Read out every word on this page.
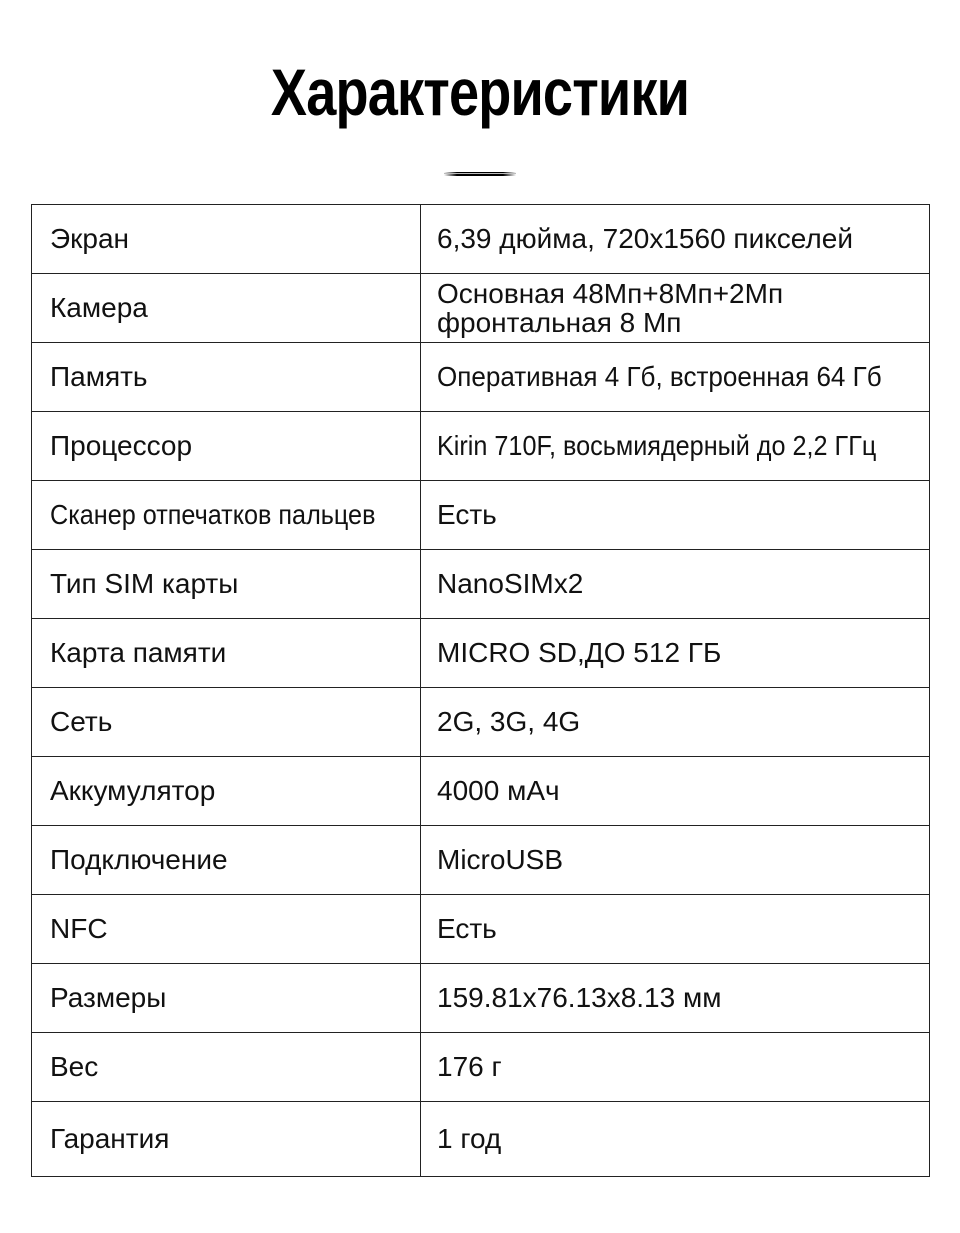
Характеристики
Экран	6,39 дюйма, 720x1560 пикселей
Камера	Основная 48Мп+8Мп+2Мп
фронтальная 8 Мп

Память	Оперативная 4 Гб, встроенная 64 Гб
Процессор	Kirin 710F, восьмиядерный до 2,2 ГГц
Сканер отпечатков пальцев	Есть
Тип SIM карты	NanoSIMx2
Карта памяти	MICRO SD,ДО 512 ГБ
Сеть	2G, 3G, 4G
Аккумулятор	4000 мАч
Подключение	MicroUSB
NFC	Есть
Размеры	159.81x76.13x8.13 мм
Вес	176 г
Гарантия	1 год
